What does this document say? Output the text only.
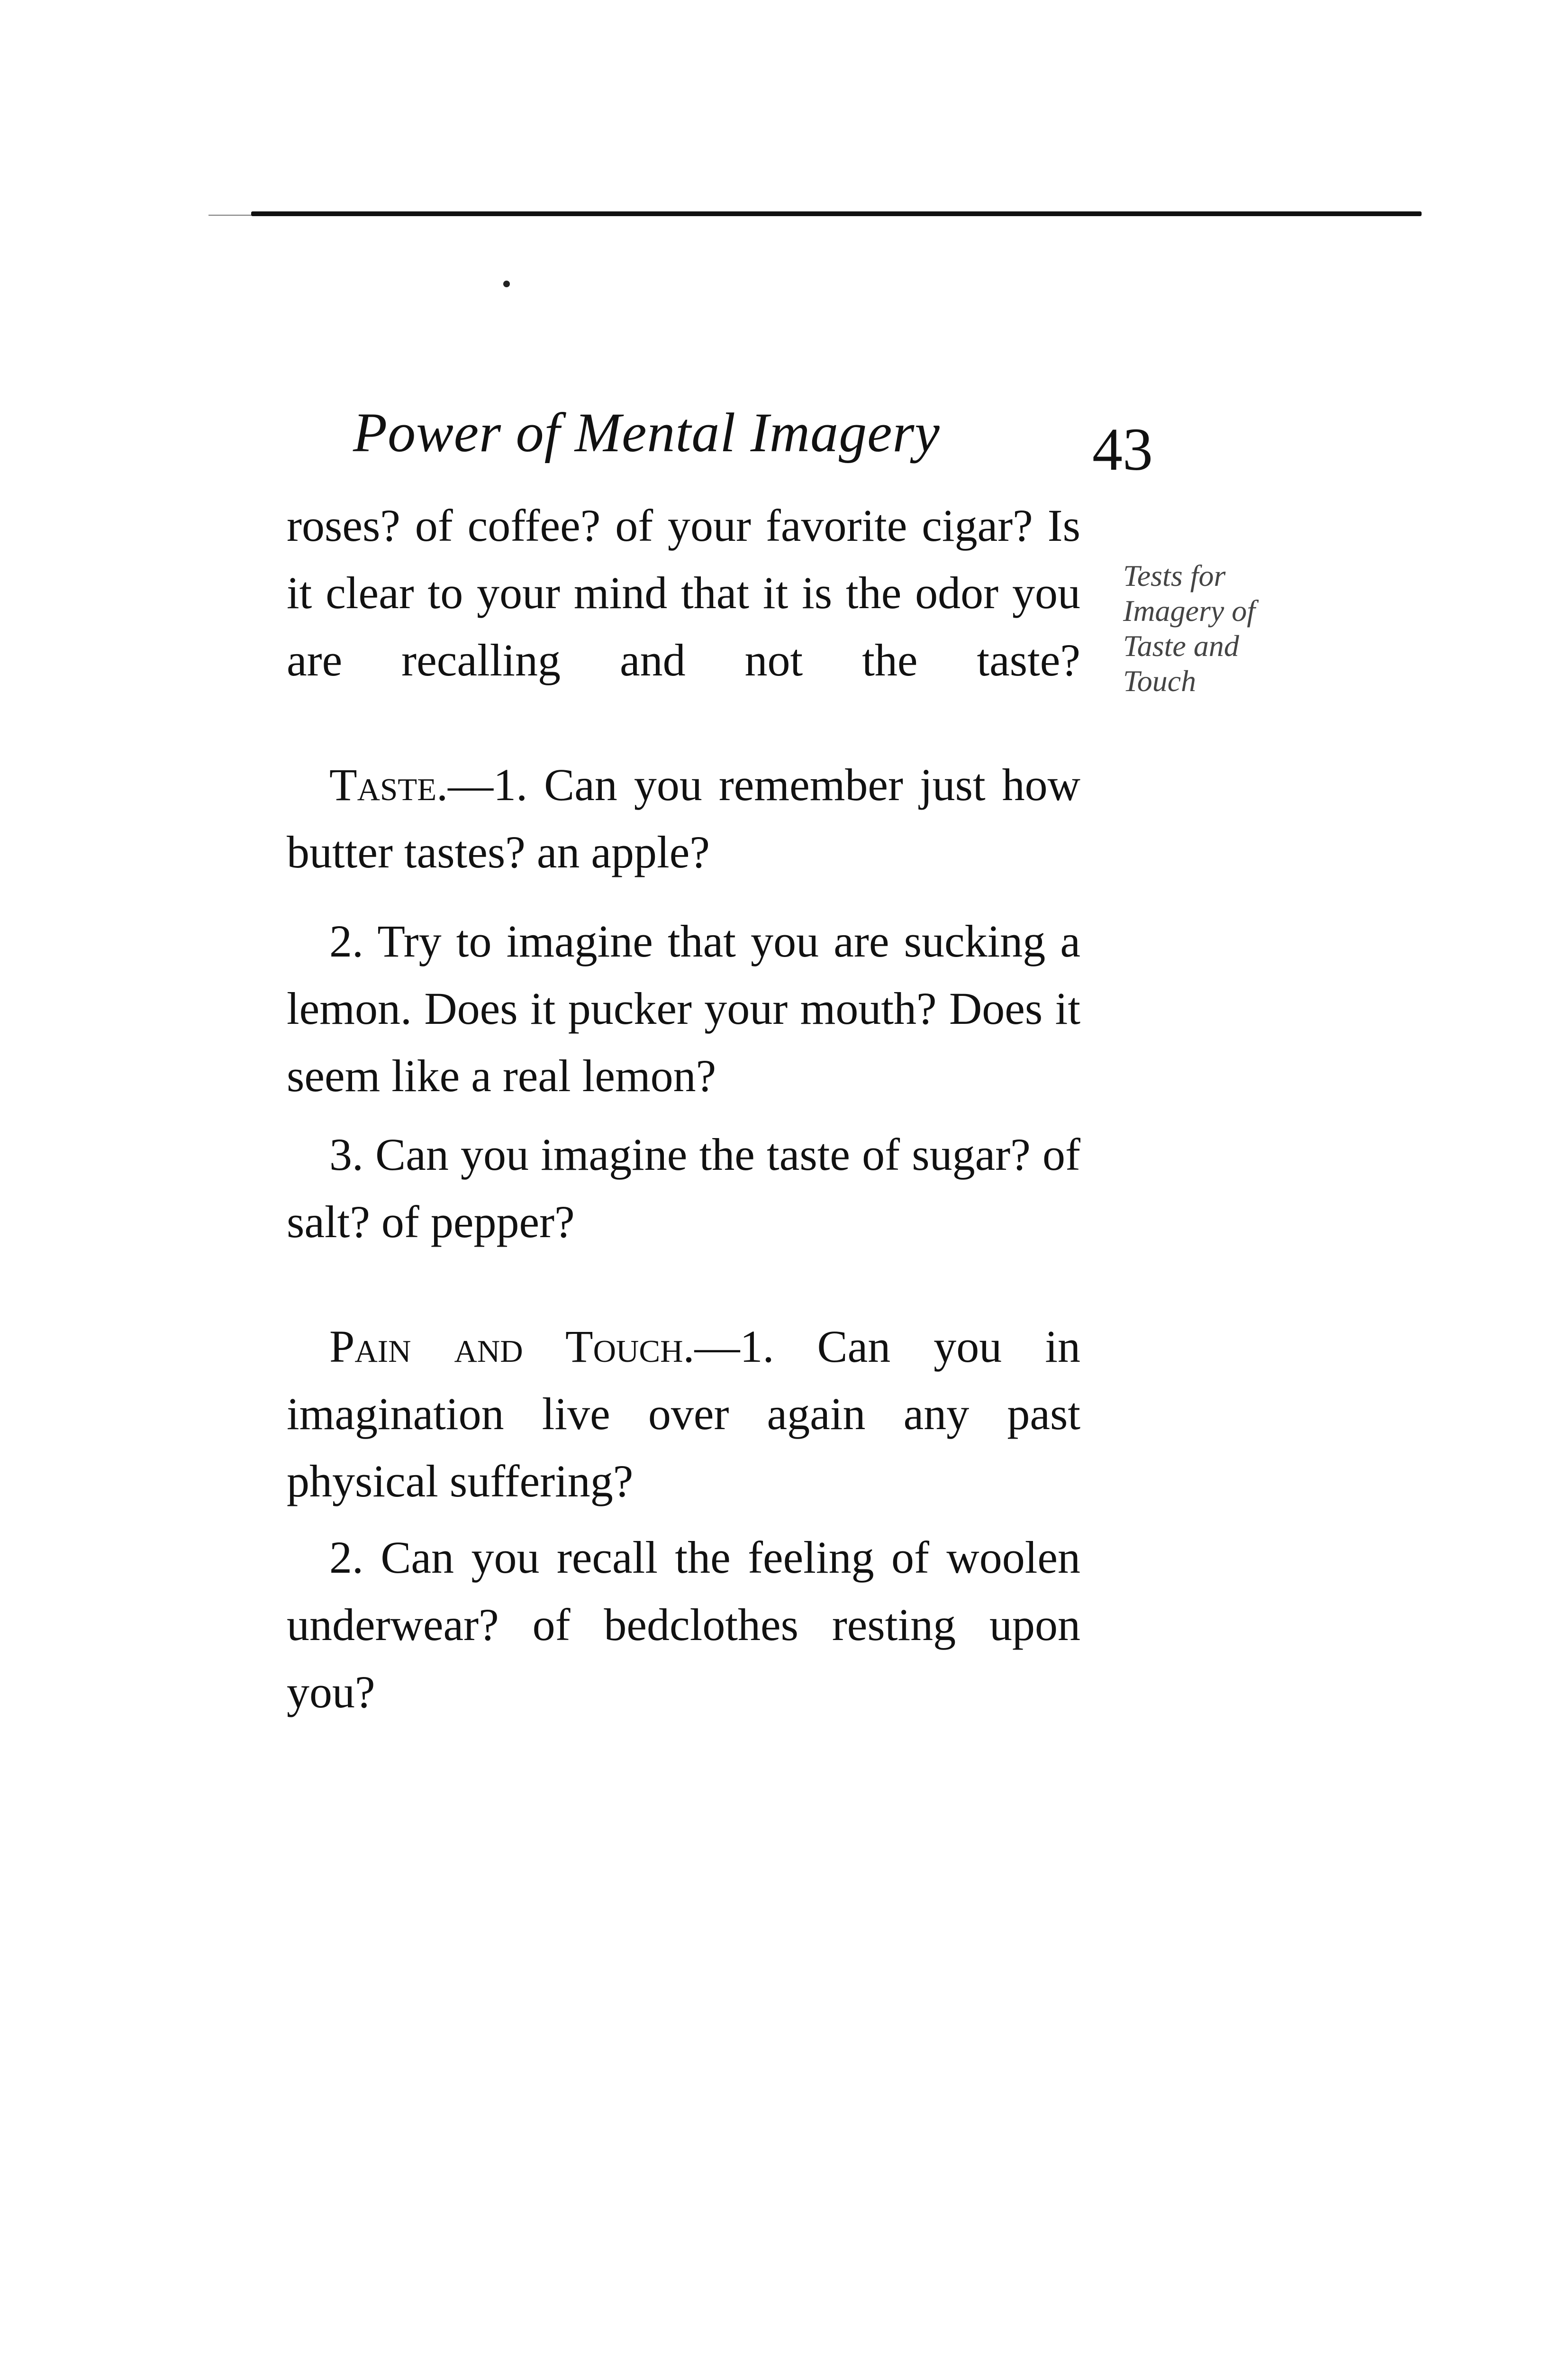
Power of Mental Imagery	43
Tests for
Imagery of
Taste and
Touch

roses? of coffee? of your favorite cigar? Is it clear to your mind that it is the odor you are recalling and not the taste?

Taste.—1. Can you remember just how butter tastes? an apple?

2. Try to imagine that you are sucking a lemon. Does it pucker your mouth? Does it seem like a real lemon?

3. Can you imagine the taste of sugar? of salt? of pepper?

Pain and Touch.—1. Can you in imagination live over again any past physical suffering?

2. Can you recall the feeling of woolen underwear? of bedclothes resting upon you?
